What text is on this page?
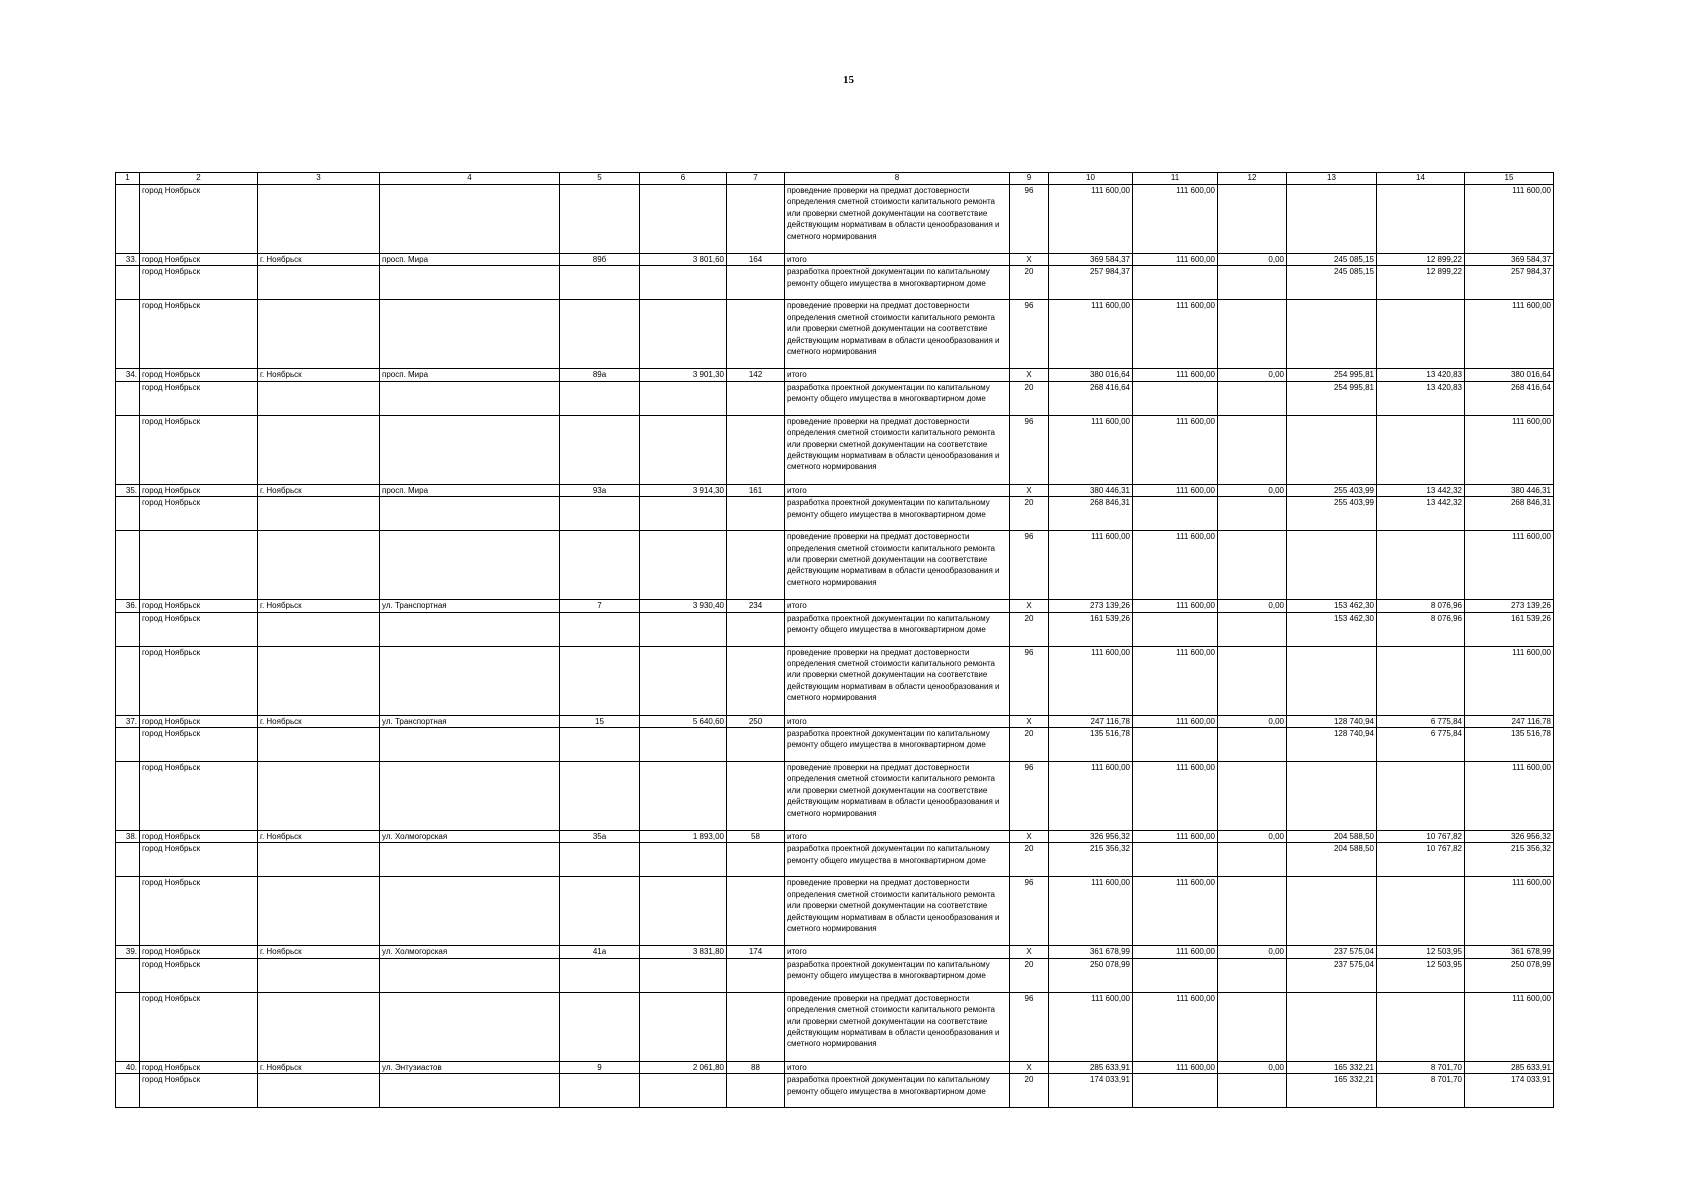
15
1	2	3	4	5	6	7	8	9	10	11	12	13	14	15
	город Ноябрьск						проведение проверки на предмат достоверности определения сметной стоимости капитального ремонта или проверки сметной документации на соответствие действующим нормативам в области ценообразования и сметного нормирования	96	111 600,00	111 600,00				111 600,00
33.	город Ноябрьск	г. Ноябрьск	просп. Мира	89б	3 801,60	164	итого	X	369 584,37	111 600,00	0,00	245 085,15	12 899,22	369 584,37
	город Ноябрьск						разработка проектной документации по капитальному ремонту общего имущества в многоквартирном доме	20	257 984,37			245 085,15	12 899,22	257 984,37
	город Ноябрьск						проведение проверки на предмат достоверности определения сметной стоимости капитального ремонта или проверки сметной документации на соответствие действующим нормативам в области ценообразования и сметного нормирования	96	111 600,00	111 600,00				111 600,00
34.	город Ноябрьск	г. Ноябрьск	просп. Мира	89а	3 901,30	142	итого	X	380 016,64	111 600,00	0,00	254 995,81	13 420,83	380 016,64
	город Ноябрьск						разработка проектной документации по капитальному ремонту общего имущества в многоквартирном доме	20	268 416,64			254 995,81	13 420,83	268 416,64
	город Ноябрьск						проведение проверки на предмат достоверности определения сметной стоимости капитального ремонта или проверки сметной документации на соответствие действующим нормативам в области ценообразования и сметного нормирования	96	111 600,00	111 600,00				111 600,00
35.	город Ноябрьск	г. Ноябрьск	просп. Мира	93а	3 914,30	161	итого	X	380 446,31	111 600,00	0,00	255 403,99	13 442,32	380 446,31
	город Ноябрьск						разработка проектной документации по капитальному ремонту общего имущества в многоквартирном доме	20	268 846,31			255 403,99	13 442,32	268 846,31
							проведение проверки на предмат достоверности определения сметной стоимости капитального ремонта или проверки сметной документации на соответствие действующим нормативам в области ценообразования и сметного нормирования	96	111 600,00	111 600,00				111 600,00
36.	город Ноябрьск	г. Ноябрьск	ул. Транспортная	7	3 930,40	234	итого	X	273 139,26	111 600,00	0,00	153 462,30	8 076,96	273 139,26
	город Ноябрьск						разработка проектной документации по капитальному ремонту общего имущества в многоквартирном доме	20	161 539,26			153 462,30	8 076,96	161 539,26
	город Ноябрьск						проведение проверки на предмат достоверности определения сметной стоимости капитального ремонта или проверки сметной документации на соответствие действующим нормативам в области ценообразования и сметного нормирования	96	111 600,00	111 600,00				111 600,00
37.	город Ноябрьск	г. Ноябрьск	ул. Транспортная	15	5 640,60	250	итого	X	247 116,78	111 600,00	0,00	128 740,94	6 775,84	247 116,78
	город Ноябрьск						разработка проектной документации по капитальному ремонту общего имущества в многоквартирном доме	20	135 516,78			128 740,94	6 775,84	135 516,78
	город Ноябрьск						проведение проверки на предмат достоверности определения сметной стоимости капитального ремонта или проверки сметной документации на соответствие действующим нормативам в области ценообразования и сметного нормирования	96	111 600,00	111 600,00				111 600,00
38.	город Ноябрьск	г. Ноябрьск	ул. Холмогорская	35а	1 893,00	58	итого	X	326 956,32	111 600,00	0,00	204 588,50	10 767,82	326 956,32
	город Ноябрьск						разработка проектной документации по капитальному ремонту общего имущества в многоквартирном доме	20	215 356,32			204 588,50	10 767,82	215 356,32
	город Ноябрьск						проведение проверки на предмат достоверности определения сметной стоимости капитального ремонта или проверки сметной документации на соответствие действующим нормативам в области ценообразования и сметного нормирования	96	111 600,00	111 600,00				111 600,00
39.	город Ноябрьск	г. Ноябрьск	ул. Холмогорская	41а	3 831,80	174	итого	X	361 678,99	111 600,00	0,00	237 575,04	12 503,95	361 678,99
	город Ноябрьск						разработка проектной документации по капитальному ремонту общего имущества в многоквартирном доме	20	250 078,99			237 575,04	12 503,95	250 078,99
	город Ноябрьск						проведение проверки на предмат достоверности определения сметной стоимости капитального ремонта или проверки сметной документации на соответствие действующим нормативам в области ценообразования и сметного нормирования	96	111 600,00	111 600,00				111 600,00
40.	город Ноябрьск	г. Ноябрьск	ул. Энтузиастов	9	2 061,80	88	итого	X	285 633,91	111 600,00	0,00	165 332,21	8 701,70	285 633,91
	город Ноябрьск						разработка проектной документации по капитальному ремонту общего имущества в многоквартирном доме	20	174 033,91			165 332,21	8 701,70	174 033,91
